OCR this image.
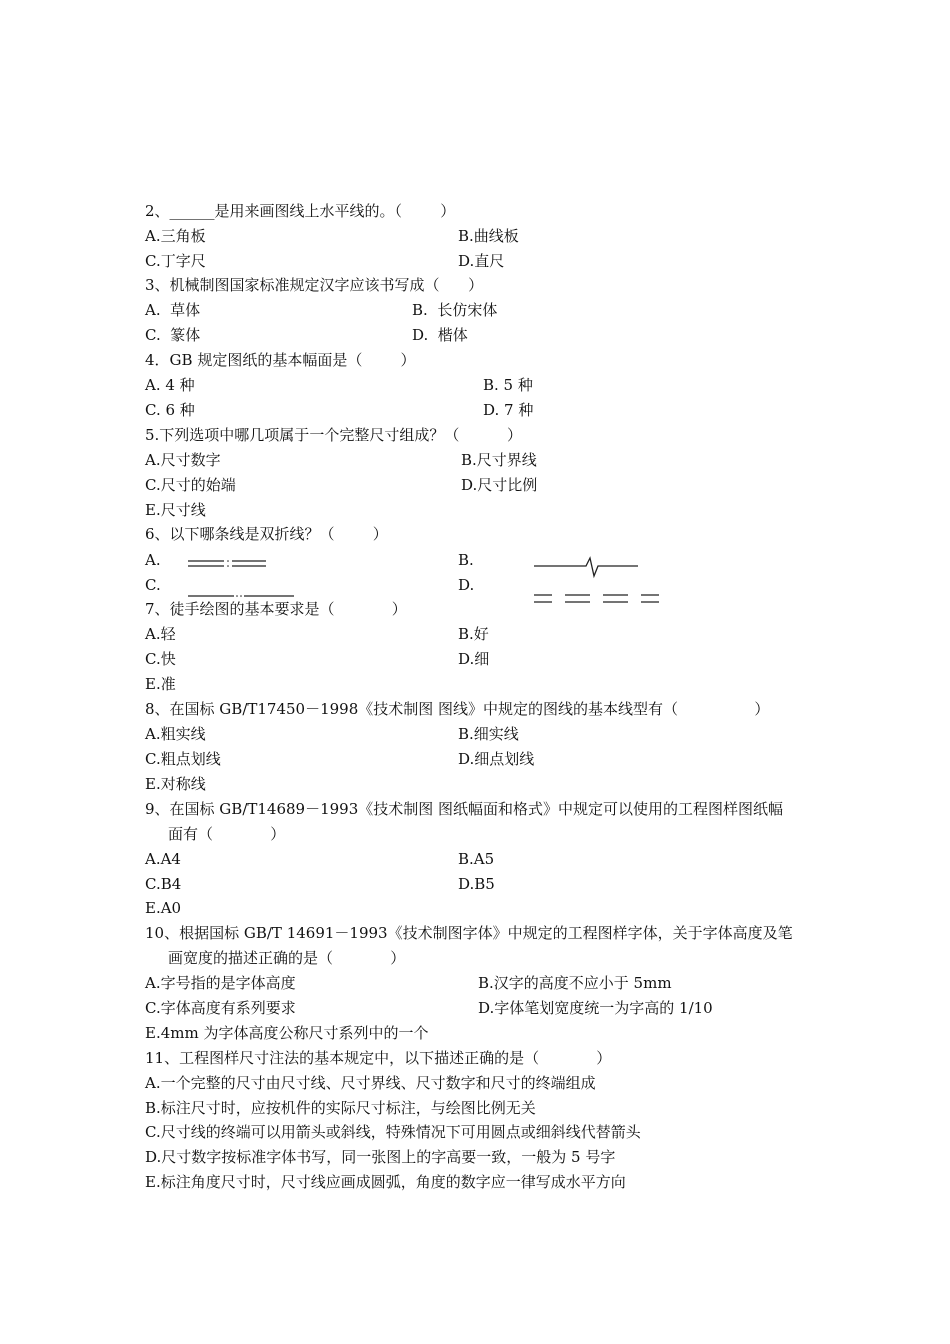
2、______是用来画图线上水平线的。（        ）
A.三角板	B.曲线板
C.丁字尺	D.直尺
3、机械制图国家标准规定汉字应该书写成（      ）
A.  草体	B.  长仿宋体
C.  篆体	D.  楷体
4．GB 规定图纸的基本幅面是（        ）
A. 4 种	B. 5 种
C. 6 种	D. 7 种
5.下列选项中哪几项属于一个完整尺寸组成？（          ）
A.尺寸数字	B.尺寸界线
C.尺寸的始端	D.尺寸比例
E.尺寸线
6、以下哪条线是双折线？（        ）
A.	B.
C.	D.
7、徒手绘图的基本要求是（            ）
A.轻	B.好
C.快	D.细
E.准
8、在国标 GB/T17450－1998《技术制图 图线》中规定的图线的基本线型有（                ）
A.粗实线	B.细实线
C.粗点划线	D.细点划线
E.对称线
9、在国标 GB/T14689－1993《技术制图 图纸幅面和格式》中规定可以使用的工程图样图纸幅
面有（            ）
A.A4	B.A5
C.B4	D.B5
E.A0
10、根据国标 GB/T 14691－1993《技术制图字体》中规定的工程图样字体，关于字体高度及笔
画宽度的描述正确的是（            ）
A.字号指的是字体高度	B.汉字的高度不应小于 5mm
C.字体高度有系列要求	D.字体笔划宽度统一为字高的 1/10
E.4mm 为字体高度公称尺寸系列中的一个
11、工程图样尺寸注法的基本规定中，以下描述正确的是（            ）
A.一个完整的尺寸由尺寸线、尺寸界线、尺寸数字和尺寸的终端组成
B.标注尺寸时，应按机件的实际尺寸标注，与绘图比例无关
C.尺寸线的终端可以用箭头或斜线，特殊情况下可用圆点或细斜线代替箭头
D.尺寸数字按标准字体书写，同一张图上的字高要一致，一般为 5 号字
E.标注角度尺寸时，尺寸线应画成圆弧，角度的数字应一律写成水平方向
